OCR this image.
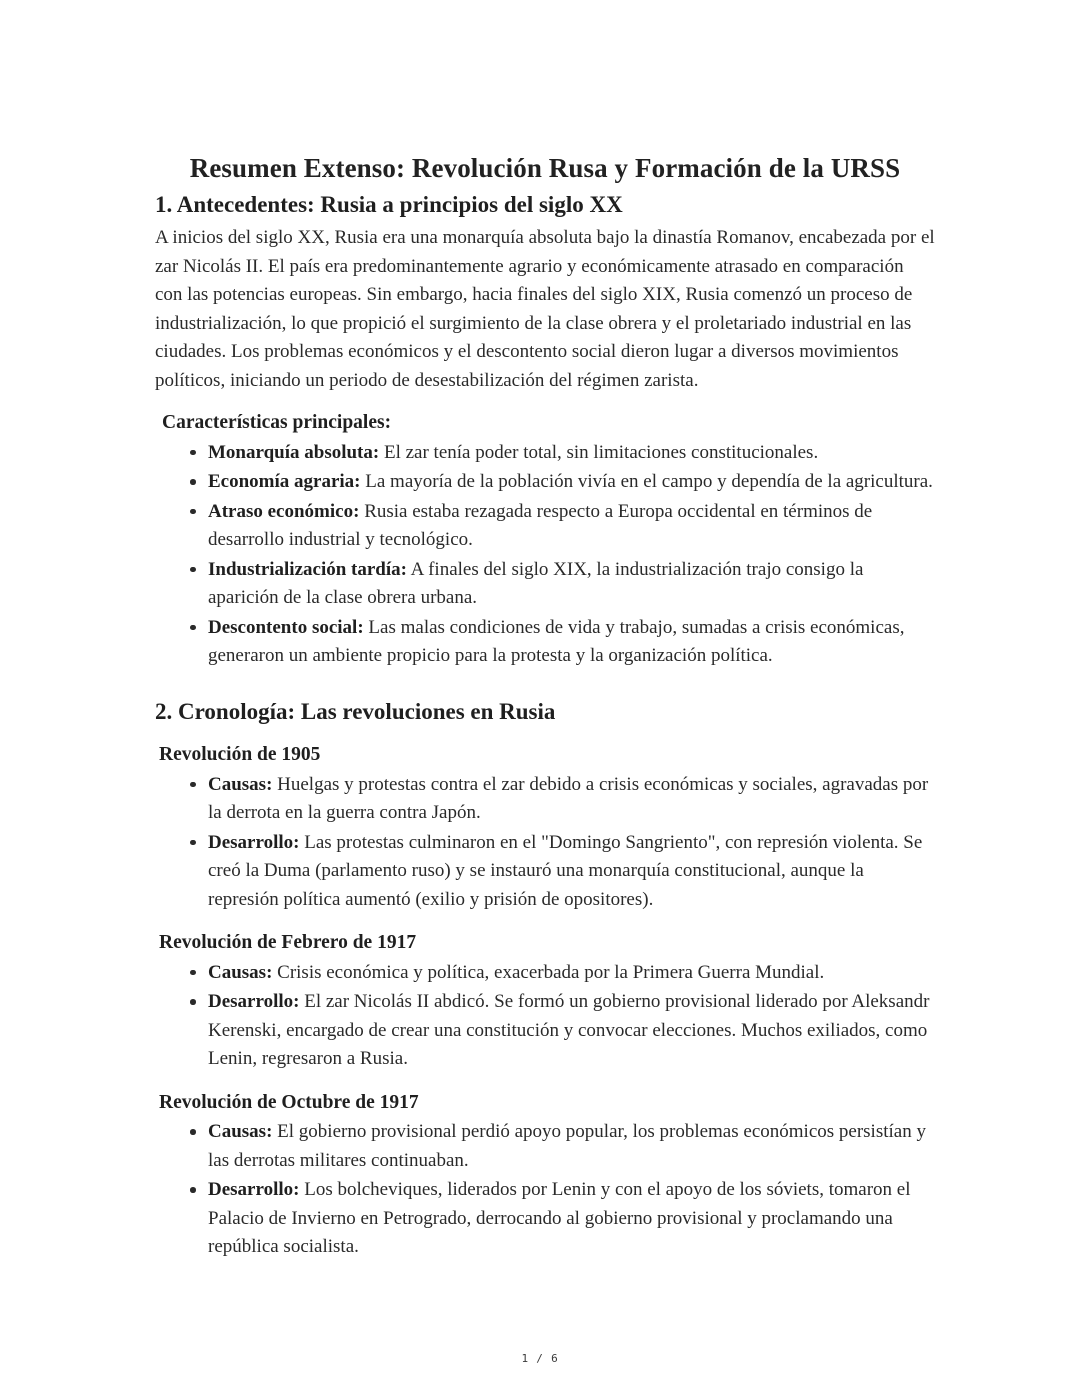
Resumen Extenso: Revolución Rusa y Formación de la URSS
1. Antecedentes: Rusia a principios del siglo XX

A inicios del siglo XX, Rusia era una monarquía absoluta bajo la dinastía Romanov, encabezada por el zar Nicolás II. El país era predominantemente agrario y económicamente atrasado en comparación con las potencias europeas. Sin embargo, hacia finales del siglo XIX, Rusia comenzó un proceso de industrialización, lo que propició el surgimiento de la clase obrera y el proletariado industrial en las ciudades. Los problemas económicos y el descontento social dieron lugar a diversos movimientos políticos, iniciando un periodo de desestabilización del régimen zarista.

Características principales:
Monarquía absoluta: El zar tenía poder total, sin limitaciones constitucionales.
Economía agraria: La mayoría de la población vivía en el campo y dependía de la agricultura.
Atraso económico: Rusia estaba rezagada respecto a Europa occidental en términos de desarrollo industrial y tecnológico.
Industrialización tardía: A finales del siglo XIX, la industrialización trajo consigo la aparición de la clase obrera urbana.
Descontento social: Las malas condiciones de vida y trabajo, sumadas a crisis económicas, generaron un ambiente propicio para la protesta y la organización política.
2. Cronología: Las revoluciones en Rusia
Revolución de 1905
Causas: Huelgas y protestas contra el zar debido a crisis económicas y sociales, agravadas por la derrota en la guerra contra Japón.
Desarrollo: Las protestas culminaron en el "Domingo Sangriento", con represión violenta. Se creó la Duma (parlamento ruso) y se instauró una monarquía constitucional, aunque la represión política aumentó (exilio y prisión de opositores).
Revolución de Febrero de 1917
Causas: Crisis económica y política, exacerbada por la Primera Guerra Mundial.
Desarrollo: El zar Nicolás II abdicó. Se formó un gobierno provisional liderado por Aleksandr Kerenski, encargado de crear una constitución y convocar elecciones. Muchos exiliados, como Lenin, regresaron a Rusia.
Revolución de Octubre de 1917
Causas: El gobierno provisional perdió apoyo popular, los problemas económicos persistían y las derrotas militares continuaban.
Desarrollo: Los bolcheviques, liderados por Lenin y con el apoyo de los sóviets, tomaron el Palacio de Invierno en Petrogrado, derrocando al gobierno provisional y proclamando una república socialista.
1 / 6
